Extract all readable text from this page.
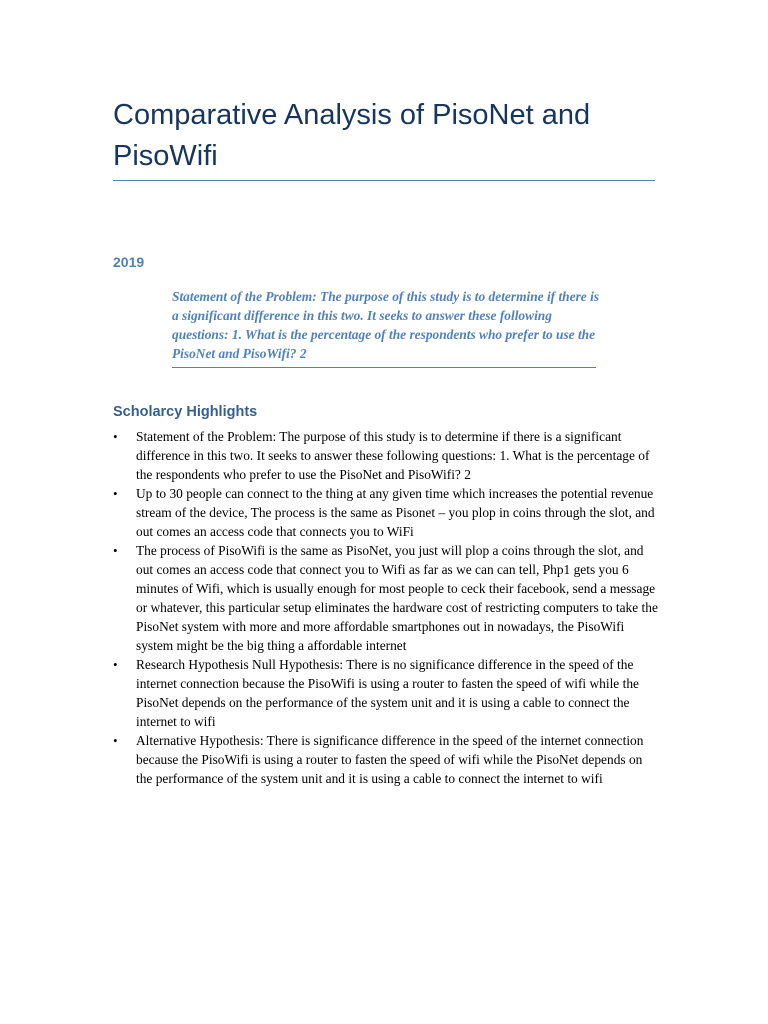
Comparative Analysis of PisoNet and PisoWifi

2019

Statement of the Problem: The purpose of this study is to determine if there is a significant difference in this two. It seeks to answer these following questions: 1. What is the percentage of the respondents who prefer to use the PisoNet and PisoWifi? 2

Scholarcy Highlights
• Statement of the Problem: The purpose of this study is to determine if there is a significant difference in this two. It seeks to answer these following questions: 1. What is the percentage of the respondents who prefer to use the PisoNet and PisoWifi? 2
• Up to 30 people can connect to the thing at any given time which increases the potential revenue stream of the device, The process is the same as Pisonet – you plop in coins through the slot, and out comes an access code that connects you to WiFi
• The process of PisoWifi is the same as PisoNet, you just will plop a coins through the slot, and out comes an access code that connect you to Wifi as far as we can can tell, Php1 gets you 6 minutes of Wifi, which is usually enough for most people to ceck their facebook, send a message or whatever, this particular setup eliminates the hardware cost of restricting computers to take the PisoNet system with more and more affordable smartphones out in nowadays, the PisoWifi system might be the big thing a affordable internet
• Research Hypothesis Null Hypothesis: There is no significance difference in the speed of the internet connection because the PisoWifi is using a router to fasten the speed of wifi while the PisoNet depends on the performance of the system unit and it is using a cable to connect the internet to wifi
• Alternative Hypothesis: There is significance difference in the speed of the internet connection because the PisoWifi is using a router to fasten the speed of wifi while the PisoNet depends on the performance of the system unit and it is using a cable to connect the internet to wifi
